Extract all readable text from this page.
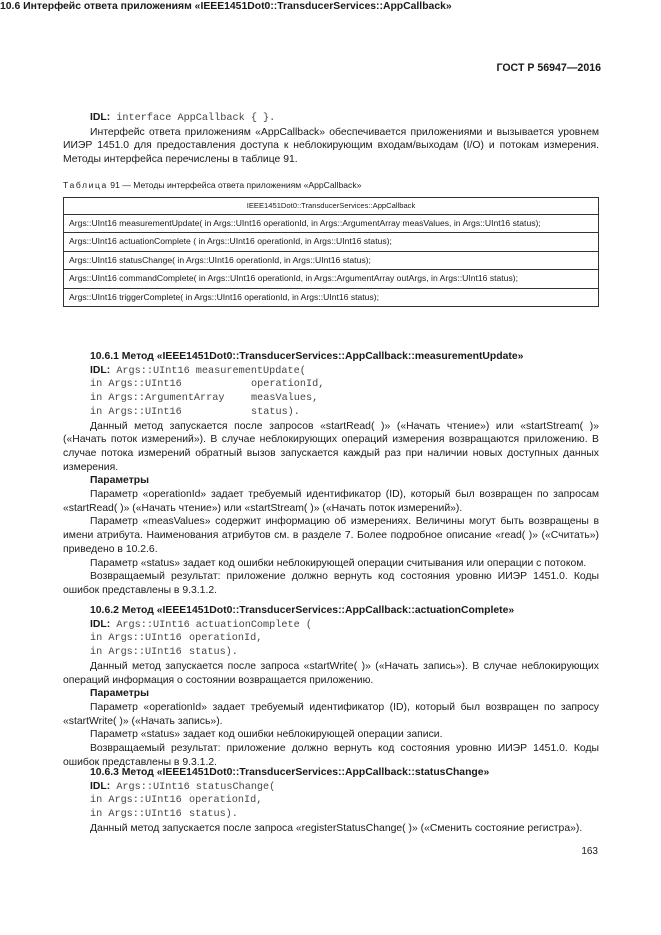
ГОСТ Р 56947—2016
10.6 Интерфейс ответа приложениям «IEEE1451Dot0::TransducerServices::AppCallback»
IDL: interface AppCallback { }.

Интерфейс ответа приложениям «AppCallback» обеспечивается приложениями и вызывается уровнем ИИЭР 1451.0 для предоставления доступа к неблокирующим входам/выходам (I/O) и потокам измерения. Методы интерфейса перечислены в таблице 91.

Таблица 91 — Методы интерфейса ответа приложениям «AppCallback»
IEEE1451Dot0::TransducerServices::AppCallback
Args::UInt16 measurementUpdate( in Args::UInt16 operationId, in Args::ArgumentArray measValues, in Args::UInt16 status);
Args::UInt16 actuationComplete ( in Args::UInt16 operationId, in Args::UInt16 status);
Args::UInt16 statusChange( in Args::UInt16 operationId, in Args::UInt16 status);
Args::UInt16 commandComplete( in Args::UInt16 operationId, in Args::ArgumentArray outArgs, in Args::UInt16 status);
Args::UInt16 triggerComplete( in Args::UInt16 operationId, in Args::UInt16 status);
10.6.1 Метод «IEEE1451Dot0::TransducerServices::AppCallback::measurementUpdate»
IDL: Args::UInt16 measurementUpdate(
in Args::UInt16	operationId,
in Args::ArgumentArray	measValues,
in Args::UInt16	status).

Данный метод запускается после запросов «startRead( )» («Начать чтение») или «startStream( )» («Начать поток измерений»). В случае неблокирующих операций измерения возвращаются приложению. В случае потока измерений обратный вызов запускается каждый раз при наличии новых доступных данных измерения.

Параметры

Параметр «operationId» задает требуемый идентификатор (ID), который был возвращен по запросам «startRead( )» («Начать чтение») или «startStream( )» («Начать поток измерений»).

Параметр «measValues» содержит информацию об измерениях. Величины могут быть возвращены в имени атрибута. Наименования атрибутов см. в разделе 7. Более подробное описание «read( )» («Считать») приведено в 10.2.6.

Параметр «status» задает код ошибки неблокирующей операции считывания или операции с потоком.

Возвращаемый результат: приложение должно вернуть код состояния уровню ИИЭР 1451.0. Коды ошибок представлены в 9.3.1.2.

10.6.2 Метод «IEEE1451Dot0::TransducerServices::AppCallback::actuationComplete»
IDL: Args::UInt16 actuationComplete (
in Args::UInt16 operationId,
in Args::UInt16 status).

Данный метод запускается после запроса «startWrite( )» («Начать запись»). В случае неблокирующих операций информация о состоянии возвращается приложению.

Параметры

Параметр «operationId» задает требуемый идентификатор (ID), который был возвращен по запросу «startWrite( )» («Начать запись»).

Параметр «status» задает код ошибки неблокирующей операции записи.

Возвращаемый результат: приложение должно вернуть код состояния уровню ИИЭР 1451.0. Коды ошибок представлены в 9.3.1.2.

10.6.3 Метод «IEEE1451Dot0::TransducerServices::AppCallback::statusChange»
IDL: Args::UInt16 statusChange(
in Args::UInt16 operationId,
in Args::UInt16 status).

Данный метод запускается после запроса «registerStatusChange( )» («Сменить состояние регистра»).

163
